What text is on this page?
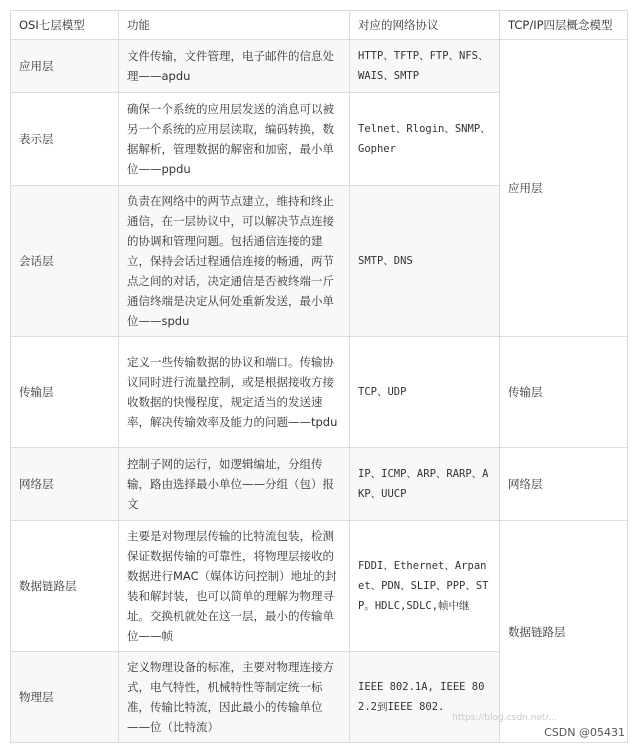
OSI七层模型	功能	对应的网络协议	TCP/IP四层概念模型
应用层	文件传输，文件管理，电子邮件的信息处理——apdu	HTTP、TFTP、FTP、NFS、WAIS、SMTP	应用层
表示层	确保一个系统的应用层发送的消息可以被另一个系统的应用层读取，编码转换，数据解析，管理数据的解密和加密，最小单位——ppdu	Telnet、Rlogin、SNMP、Gopher	
会话层	负责在网络中的两节点建立，维持和终止通信，在一层协议中，可以解决节点连接的协调和管理问题。包括通信连接的建立，保持会话过程通信连接的畅通，两节点之间的对话，决定通信是否被终端一斤通信终端是决定从何处重新发送，最小单位——spdu	SMTP、DNS	
传输层	定义一些传输数据的协议和端口。传输协议同时进行流量控制，或是根据接收方接收数据的快慢程度，规定适当的发送速率，解决传输效率及能力的问题——tpdu	TCP、UDP	传输层
网络层	控制子网的运行，如逻辑编址，分组传输，路由选择最小单位——分组（包）报文	IP、ICMP、ARP、RARP、AKP、UUCP	网络层
数据链路层	主要是对物理层传输的比特流包装，检测保证数据传输的可靠性，将物理层接收的数据进行MAC（媒体访问控制）地址的封装和解封装，也可以简单的理解为物理寻址。交换机就处在这一层，最小的传输单位——帧	FDDI、Ethernet、Arpanet、PDN、SLIP、PPP、STP。HDLC,SDLC,帧中继	数据链路层
物理层	定义物理设备的标准，主要对物理连接方式，电气特性，机械特性等制定统一标准，传输比特流，因此最小的传输单位——位（比特流）	IEEE 802.1A, IEEE 802.2到IEEE 802.	
https://blog.csdn.net/...
CSDN @05431
